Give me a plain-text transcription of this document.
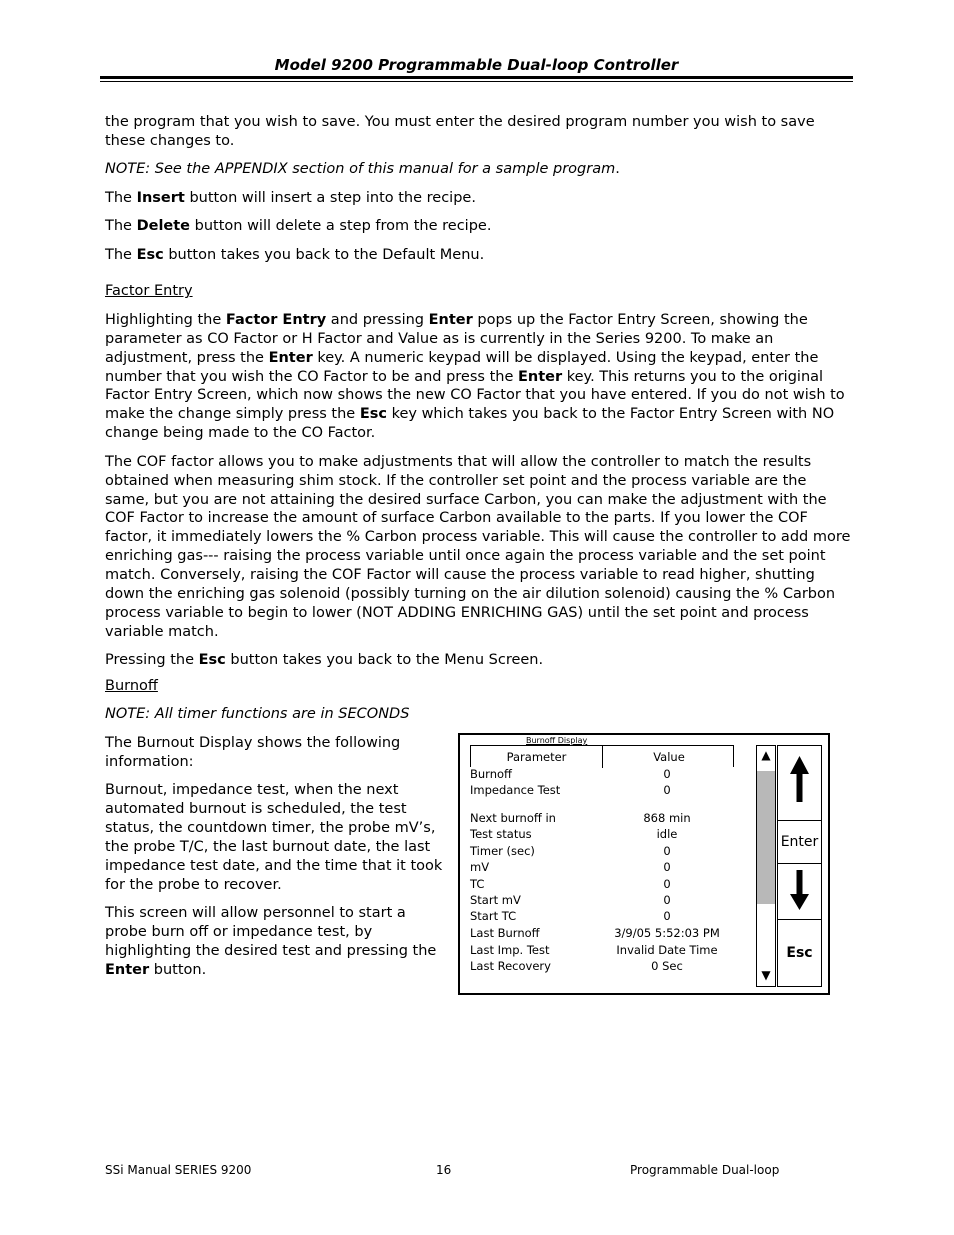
Model 9200 Programmable Dual-loop Controller

the program that you wish to save. You must enter the desired program number you wish to save these changes to.

NOTE: See the APPENDIX section of this manual for a sample program.

The Insert button will insert a step into the recipe.

The Delete button will delete a step from the recipe.

The Esc button takes you back to the Default Menu.

Factor Entry

Highlighting the Factor Entry and pressing Enter pops up the Factor Entry Screen, showing the parameter as CO Factor or H Factor and Value as is currently in the Series 9200. To make an adjustment, press the Enter key. A numeric keypad will be displayed. Using the keypad, enter the number that you wish the CO Factor to be and press the Enter key. This returns you to the original Factor Entry Screen, which now shows the new CO Factor that you have entered. If you do not wish to make the change simply press the Esc key which takes you back to the Factor Entry Screen with NO change being made to the CO Factor.

The COF factor allows you to make adjustments that will allow the controller to match the results obtained when measuring shim stock. If the controller set point and the process variable are the same, but you are not attaining the desired surface Carbon, you can make the adjustment with the COF Factor to increase the amount of surface Carbon available to the parts. If you lower the COF factor, it immediately lowers the % Carbon process variable. This will cause the controller to add more enriching gas--- raising the process variable until once again the process variable and the set point match. Conversely, raising the COF Factor will cause the process variable to read higher, shutting down the enriching gas solenoid (possibly turning on the air dilution solenoid) causing the % Carbon process variable to begin to lower (NOT ADDING ENRICHING GAS) until the set point and process variable match.

Pressing the Esc button takes you back to the Menu Screen.

Burnoff

NOTE: All timer functions are in SECONDS

The Burnout Display shows the following information:

Burnout, impedance test, when the next automated burnout is scheduled, the test status, the countdown timer, the probe mV’s, the probe T/C, the last burnout date, the last impedance test date, and the time that it took for the probe to recover.

This screen will allow personnel to start a probe burn off or impedance test, by highlighting the desired test and pressing the Enter button.

Burnoff Display
Parameter	Value
Burnoff	0
Impedance Test	0
Next burnoff in	868 min
Test status	idle
Timer (sec)	0
mV	0
TC	0
Start mV	0
Start TC	0
Last Burnoff	3/9/05 5:52:03 PM
Last Imp. Test	Invalid Date Time
Last Recovery	0 Sec
▲
▼
Enter
Esc
SSi Manual SERIES 9200	16	Programmable Dual-loop
